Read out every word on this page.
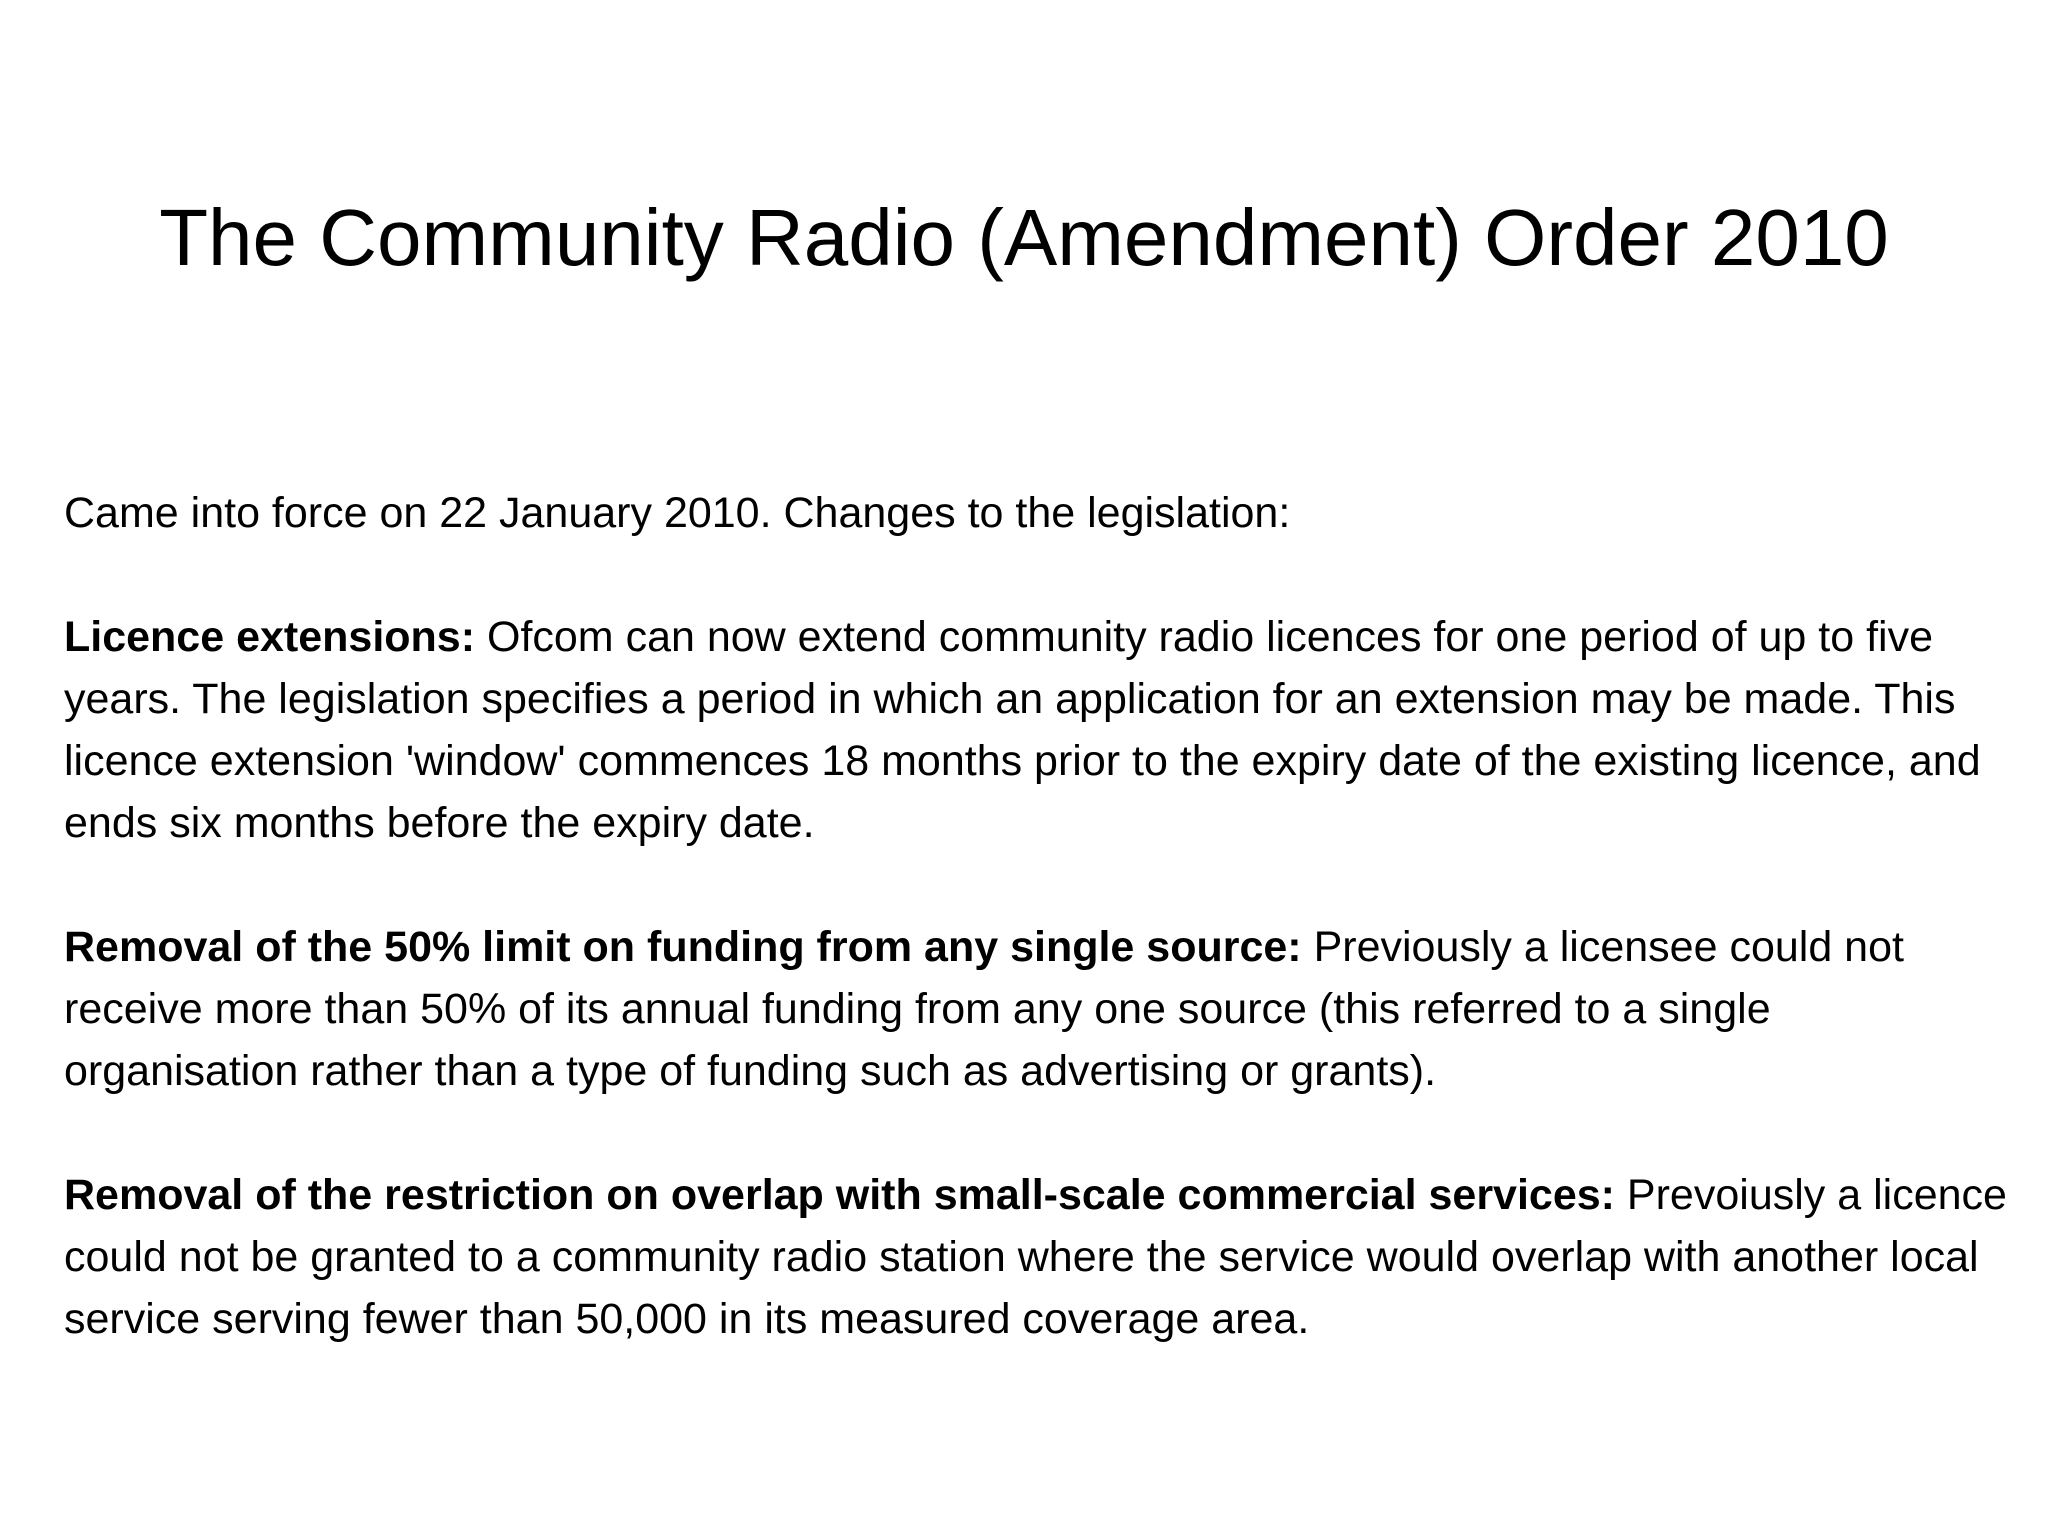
The Community Radio (Amendment) Order 2010

Came into force on 22 January 2010. Changes to the legislation:

Licence extensions: Ofcom can now extend community radio licences for one period of up to five years. The legislation specifies a period in which an application for an extension may be made. This licence extension 'window' commences 18 months prior to the expiry date of the existing licence, and ends six months before the expiry date.

Removal of the 50% limit on funding from any single source: Previously a licensee could not receive more than 50% of its annual funding from any one source (this referred to a single organisation rather than a type of funding such as advertising or grants).

Removal of the restriction on overlap with small-scale commercial services: Prevoiusly a licence could not be granted to a community radio station where the service would overlap with another local service serving fewer than 50,000 in its measured coverage area.
